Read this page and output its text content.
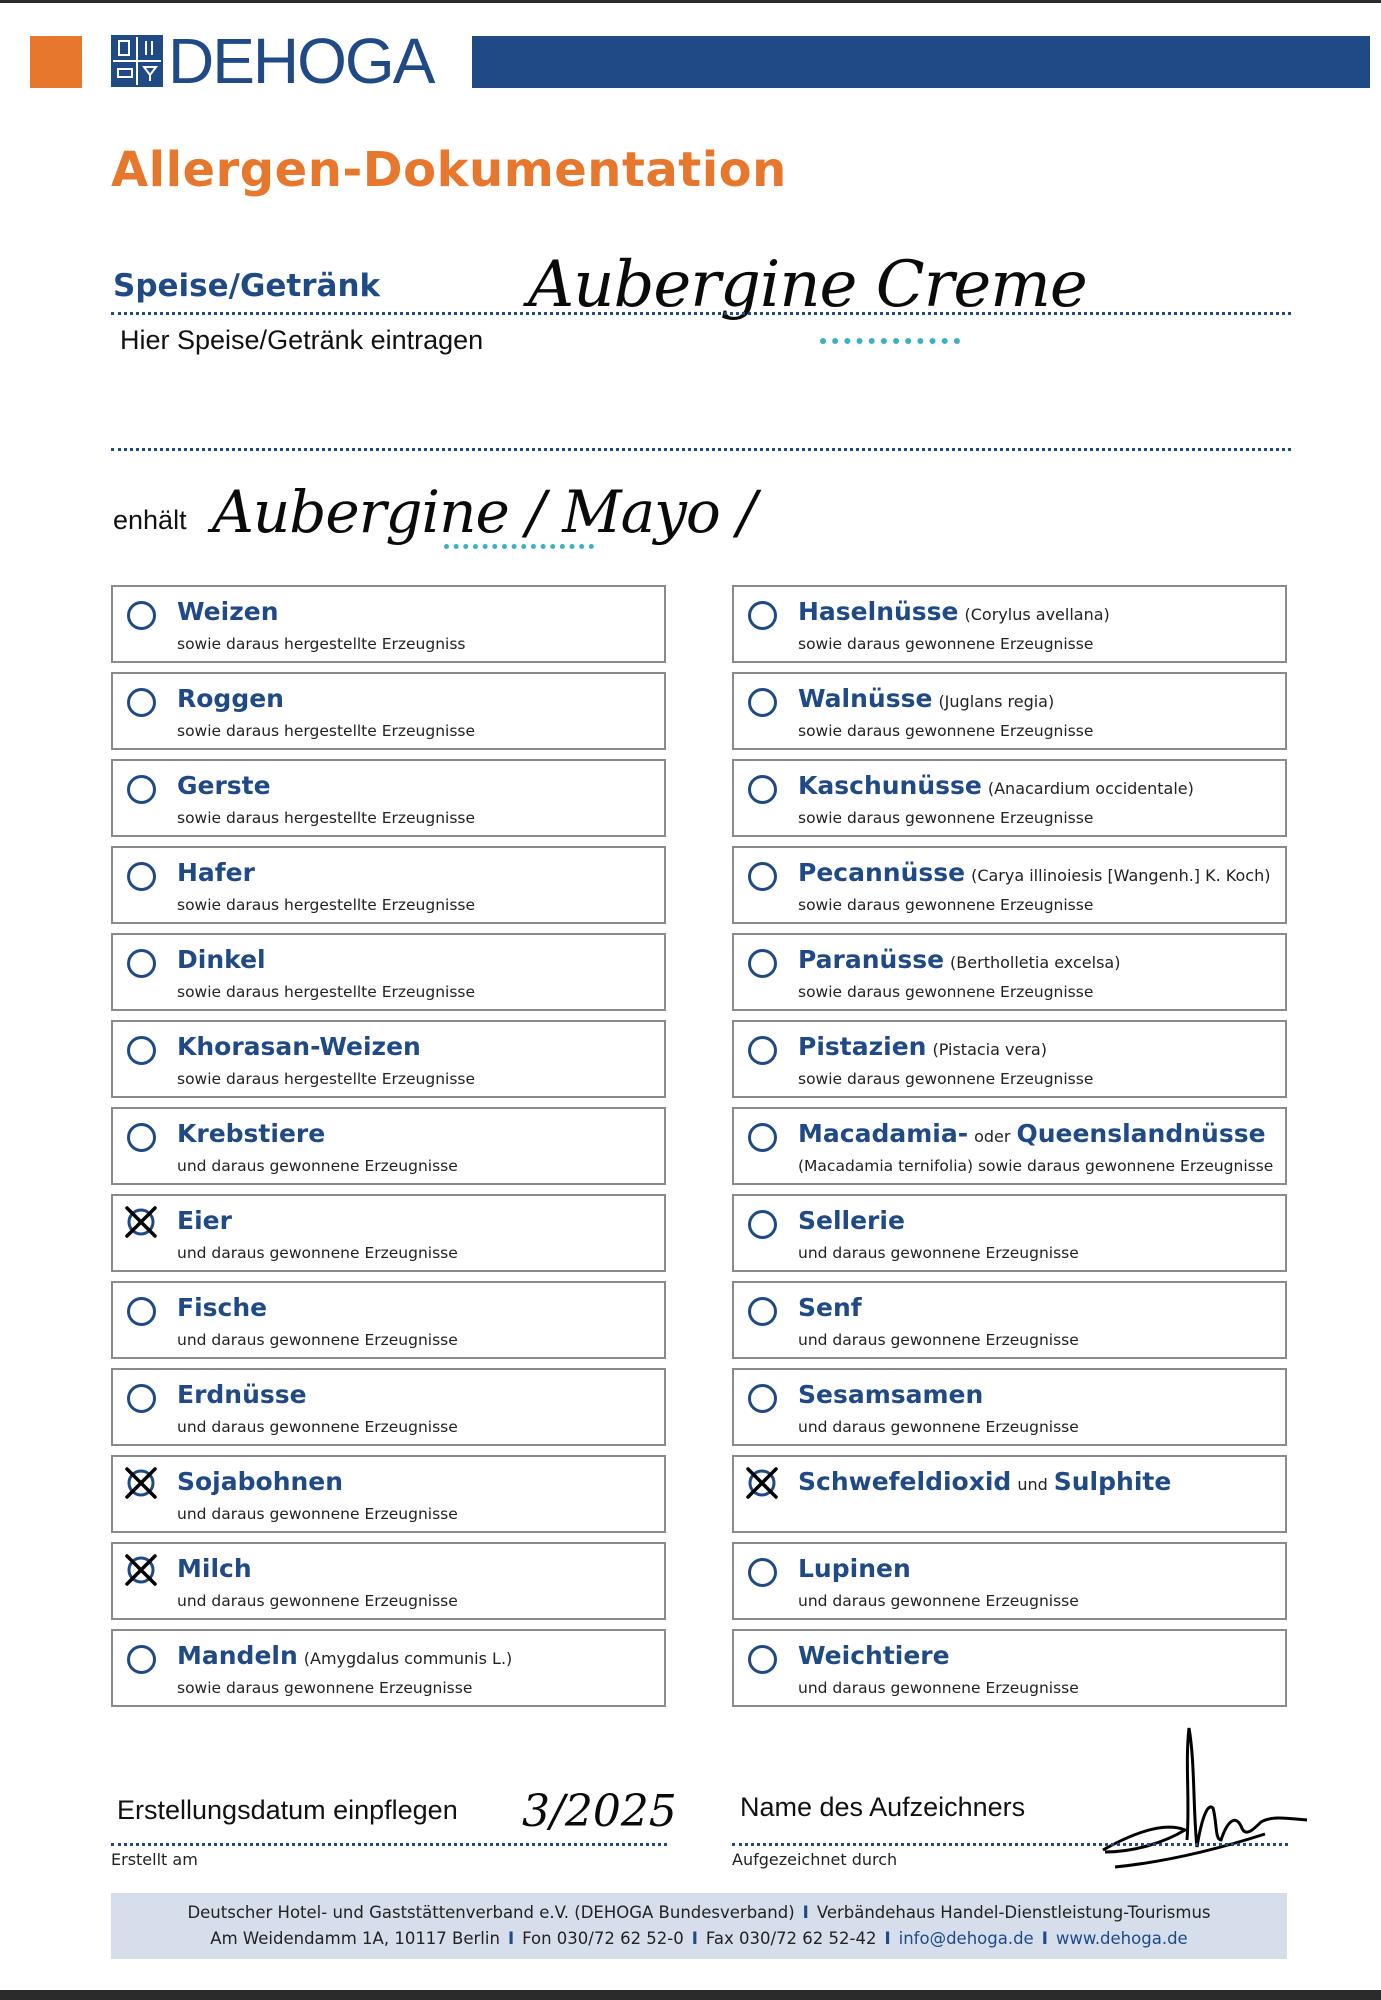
DEHOGA
Allergen-Dokumentation
Speise/Getränk Aubergine Creme
Hier Speise/Getränk eintragen
enhält Aubergine / Mayo /
Weizen
sowie daraus hergestellte Erzeugniss
Roggen
sowie daraus hergestellte Erzeugnisse
Gerste
sowie daraus hergestellte Erzeugnisse
Hafer
sowie daraus hergestellte Erzeugnisse
Dinkel
sowie daraus hergestellte Erzeugnisse
Khorasan-Weizen
sowie daraus hergestellte Erzeugnisse
Krebstiere
und daraus gewonnene Erzeugnisse
Eier
und daraus gewonnene Erzeugnisse
Fische
und daraus gewonnene Erzeugnisse
Erdnüsse
und daraus gewonnene Erzeugnisse
Sojabohnen
und daraus gewonnene Erzeugnisse
Milch
und daraus gewonnene Erzeugnisse
Mandeln (Amygdalus communis L.)
sowie daraus gewonnene Erzeugnisse
Haselnüsse (Corylus avellana)
sowie daraus gewonnene Erzeugnisse
Walnüsse (Juglans regia)
sowie daraus gewonnene Erzeugnisse
Kaschunüsse (Anacardium occidentale)
sowie daraus gewonnene Erzeugnisse
Pecannüsse (Carya illinoiesis [Wangenh.] K. Koch)
sowie daraus gewonnene Erzeugnisse
Paranüsse (Bertholletia excelsa)
sowie daraus gewonnene Erzeugnisse
Pistazien (Pistacia vera)
sowie daraus gewonnene Erzeugnisse
Macadamia- oder Queenslandnüsse
(Macadamia ternifolia) sowie daraus gewonnene Erzeugnisse
Sellerie
und daraus gewonnene Erzeugnisse
Senf
und daraus gewonnene Erzeugnisse
Sesamsamen
und daraus gewonnene Erzeugnisse
Schwefeldioxid und Sulphite
Lupinen
und daraus gewonnene Erzeugnisse
Weichtiere
und daraus gewonnene Erzeugnisse
Erstellungsdatum einpflegen 3/2025
Erstellt am
Name des Aufzeichners
Aufgezeichnet durch
Deutscher Hotel- und Gaststättenverband e.V. (DEHOGA Bundesverband) I Verbändehaus Handel-Dienstleistung-Tourismus
Am Weidendamm 1A, 10117 Berlin I Fon 030/72 62 52-0 I Fax 030/72 62 52-42 I info@dehoga.de I www.dehoga.de
